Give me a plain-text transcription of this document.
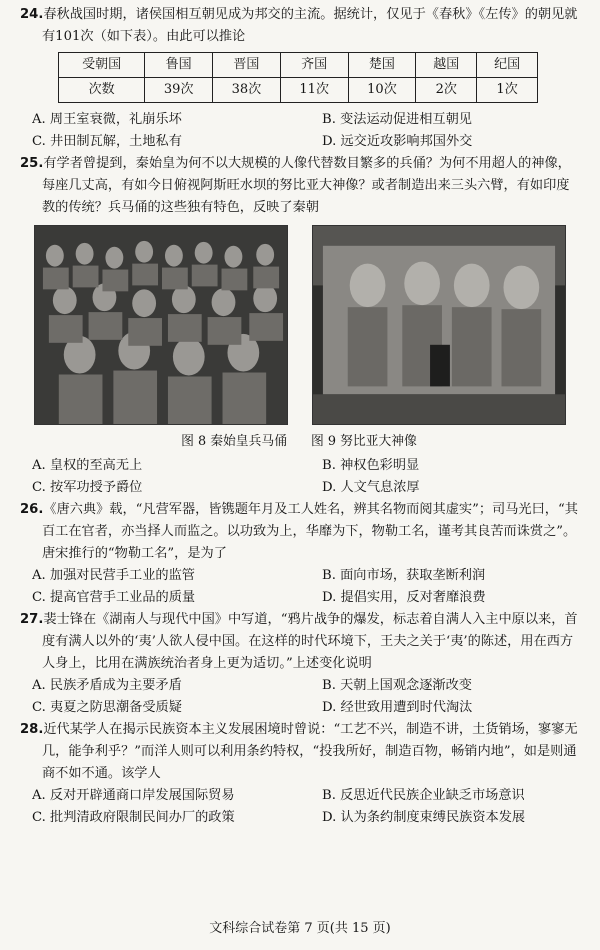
24.春秋战国时期，诸侯国相互朝见成为邦交的主流。据统计，仅见于《春秋》《左传》的朝见就有101次（如下表）。由此可以推论
受朝国	鲁国	晋国	齐国	楚国	越国	纪国
次数	39次	38次	11次	10次	2次	1次
A. 周王室衰微，礼崩乐坏	B. 变法运动促进相互朝见
C. 井田制瓦解，土地私有	D. 远交近攻影响邦国外交
25.有学者曾提到，秦始皇为何不以大规模的人像代替数目繁多的兵俑？为何不用超人的神像，每座几丈高，有如今日俯视阿斯旺水坝的努比亚大神像？或者制造出来三头六臂，有如印度教的传统？兵马俑的这些独有特色，反映了秦朝
图 8 秦始皇兵马俑 图 9 努比亚大神像
A. 皇权的至高无上	B. 神权色彩明显
C. 按军功授予爵位	D. 人文气息浓厚
26.《唐六典》载，“凡营军器，皆镌题年月及工人姓名，辨其名物而阅其虚实”；司马光曰，“其百工在官者，亦当择人而监之。以功致为上，华靡为下，物勒工名，谨考其良苦而诛赏之”。唐宋推行的“物勒工名”，是为了
A. 加强对民营手工业的监管	B. 面向市场，获取垄断利润
C. 提高官营手工业品的质量	D. 提倡实用，反对奢靡浪费
27.裴士锋在《湖南人与现代中国》中写道，“鸦片战争的爆发，标志着自满人入主中原以来，首度有满人以外的‘夷’人欲人侵中国。在这样的时代环境下，王夫之关于‘夷’的陈述，用在西方人身上，比用在满族统治者身上更为适切。”上述变化说明
A. 民族矛盾成为主要矛盾	B. 天朝上国观念逐渐改变
C. 夷夏之防思潮备受质疑	D. 经世致用遭到时代淘汰
28.近代某学人在揭示民族资本主义发展困境时曾说：“工艺不兴，制造不讲，土货销场，寥寥无几，能争利乎？”而洋人则可以利用条约特权，“投我所好，制造百物，畅销内地”，如是则通商不如不通。该学人
A. 反对开辟通商口岸发展国际贸易	B. 反思近代民族企业缺乏市场意识
C. 批判清政府限制民间办厂的政策	D. 认为条约制度束缚民族资本发展
文科综合试卷第 7 页(共 15 页)
